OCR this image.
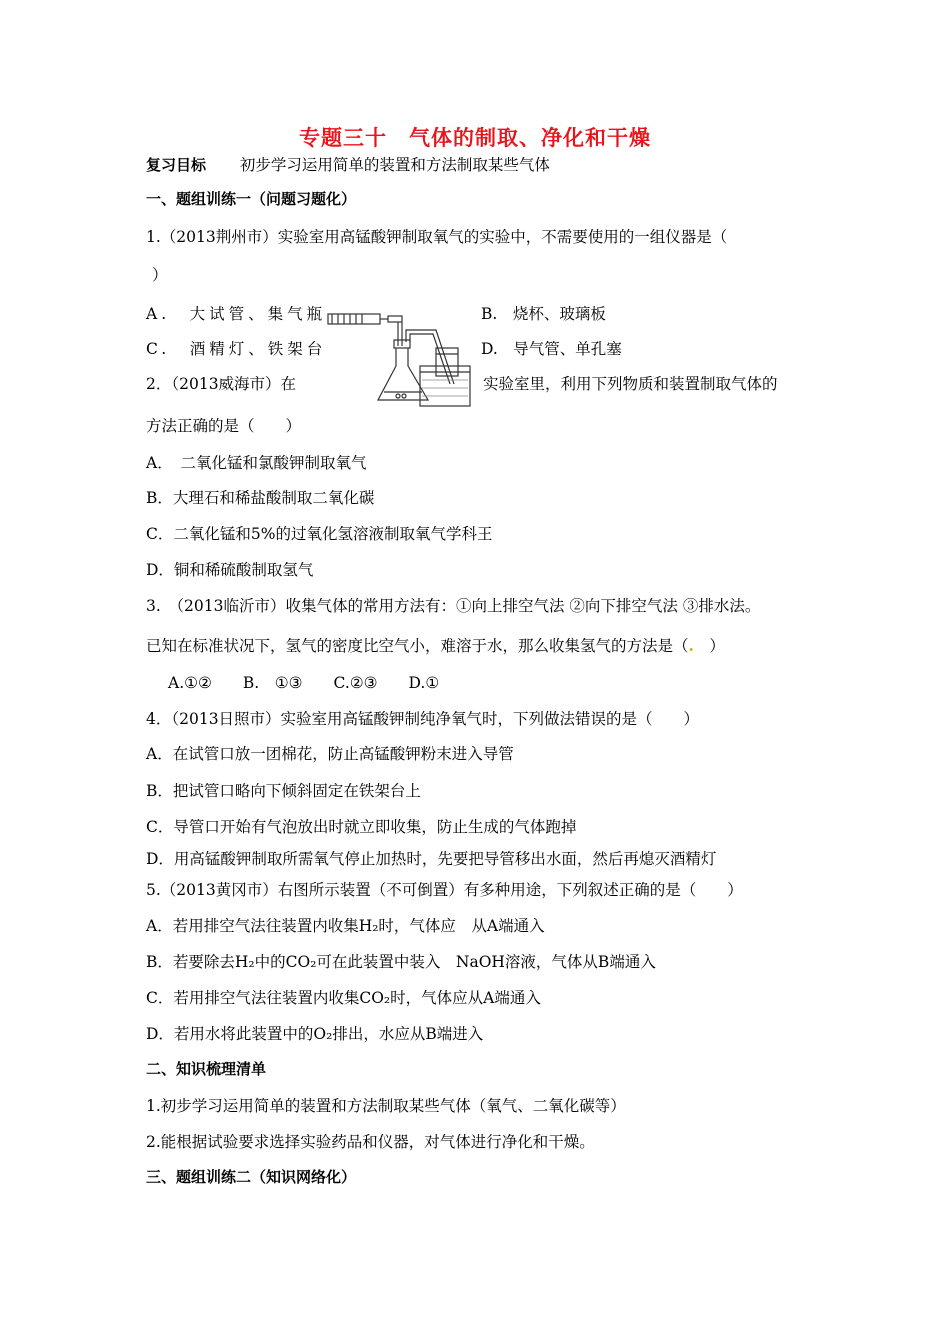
专题三十　气体的制取、净化和干燥
复习目标 初步学习运用简单的装置和方法制取某些气体
一、题组训练一（问题习题化）
1.（2013荆州市）实验室用高锰酸钾制取氧气的实验中，不需要使用的一组仪器是（
）
A.　大试管、集气瓶	B.　烧杯、玻璃板
C.　酒精灯、铁架台	D.　导气管、单孔塞
2．（2013威海市）在	实验室里，利用下列物质和装置制取气体的
方法正确的是（　　）
A．　二氧化锰和氯酸钾制取氧气
B．大理石和稀盐酸制取二氧化碳
C．二氧化锰和5%的过氧化氢溶液制取氧气学科王
D．铜和稀硫酸制取氢气
3.　（2013临沂市）收集气体的常用方法有：①向上排空气法 ②向下排空气法 ③排水法。
已知在标准状况下，氢气的密度比空气小，难溶于水，那么收集氢气的方法是（.　）
A.①②　　B.　①③　　C.②③　　D.①
4．（2013日照市）实验室用高锰酸钾制纯净氧气时，下列做法错误的是（　　）
A．在试管口放一团棉花，防止高锰酸钾粉末进入导管
B．把试管口略向下倾斜固定在铁架台上
C．导管口开始有气泡放出时就立即收集，防止生成的气体跑掉
D．用高锰酸钾制取所需氧气停止加热时，先要把导管移出水面，然后再熄灭酒精灯
5.（2013黄冈市）右图所示装置（不可倒置）有多种用途，下列叙述正确的是（　　）
A．若用排空气法往装置内收集H₂时，气体应　从A端通入
B．若要除去H₂中的CO₂可在此装置中装入　NaOH溶液，气体从B端通入
C．若用排空气法往装置内收集CO₂时，气体应从A端通入
D．若用水将此装置中的O₂排出，水应从B端进入
二、知识梳理清单
1.初步学习运用简单的装置和方法制取某些气体（氧气、二氧化碳等）
2.能根据试验要求选择实验药品和仪器，对气体进行净化和干燥。
三、题组训练二（知识网络化）
